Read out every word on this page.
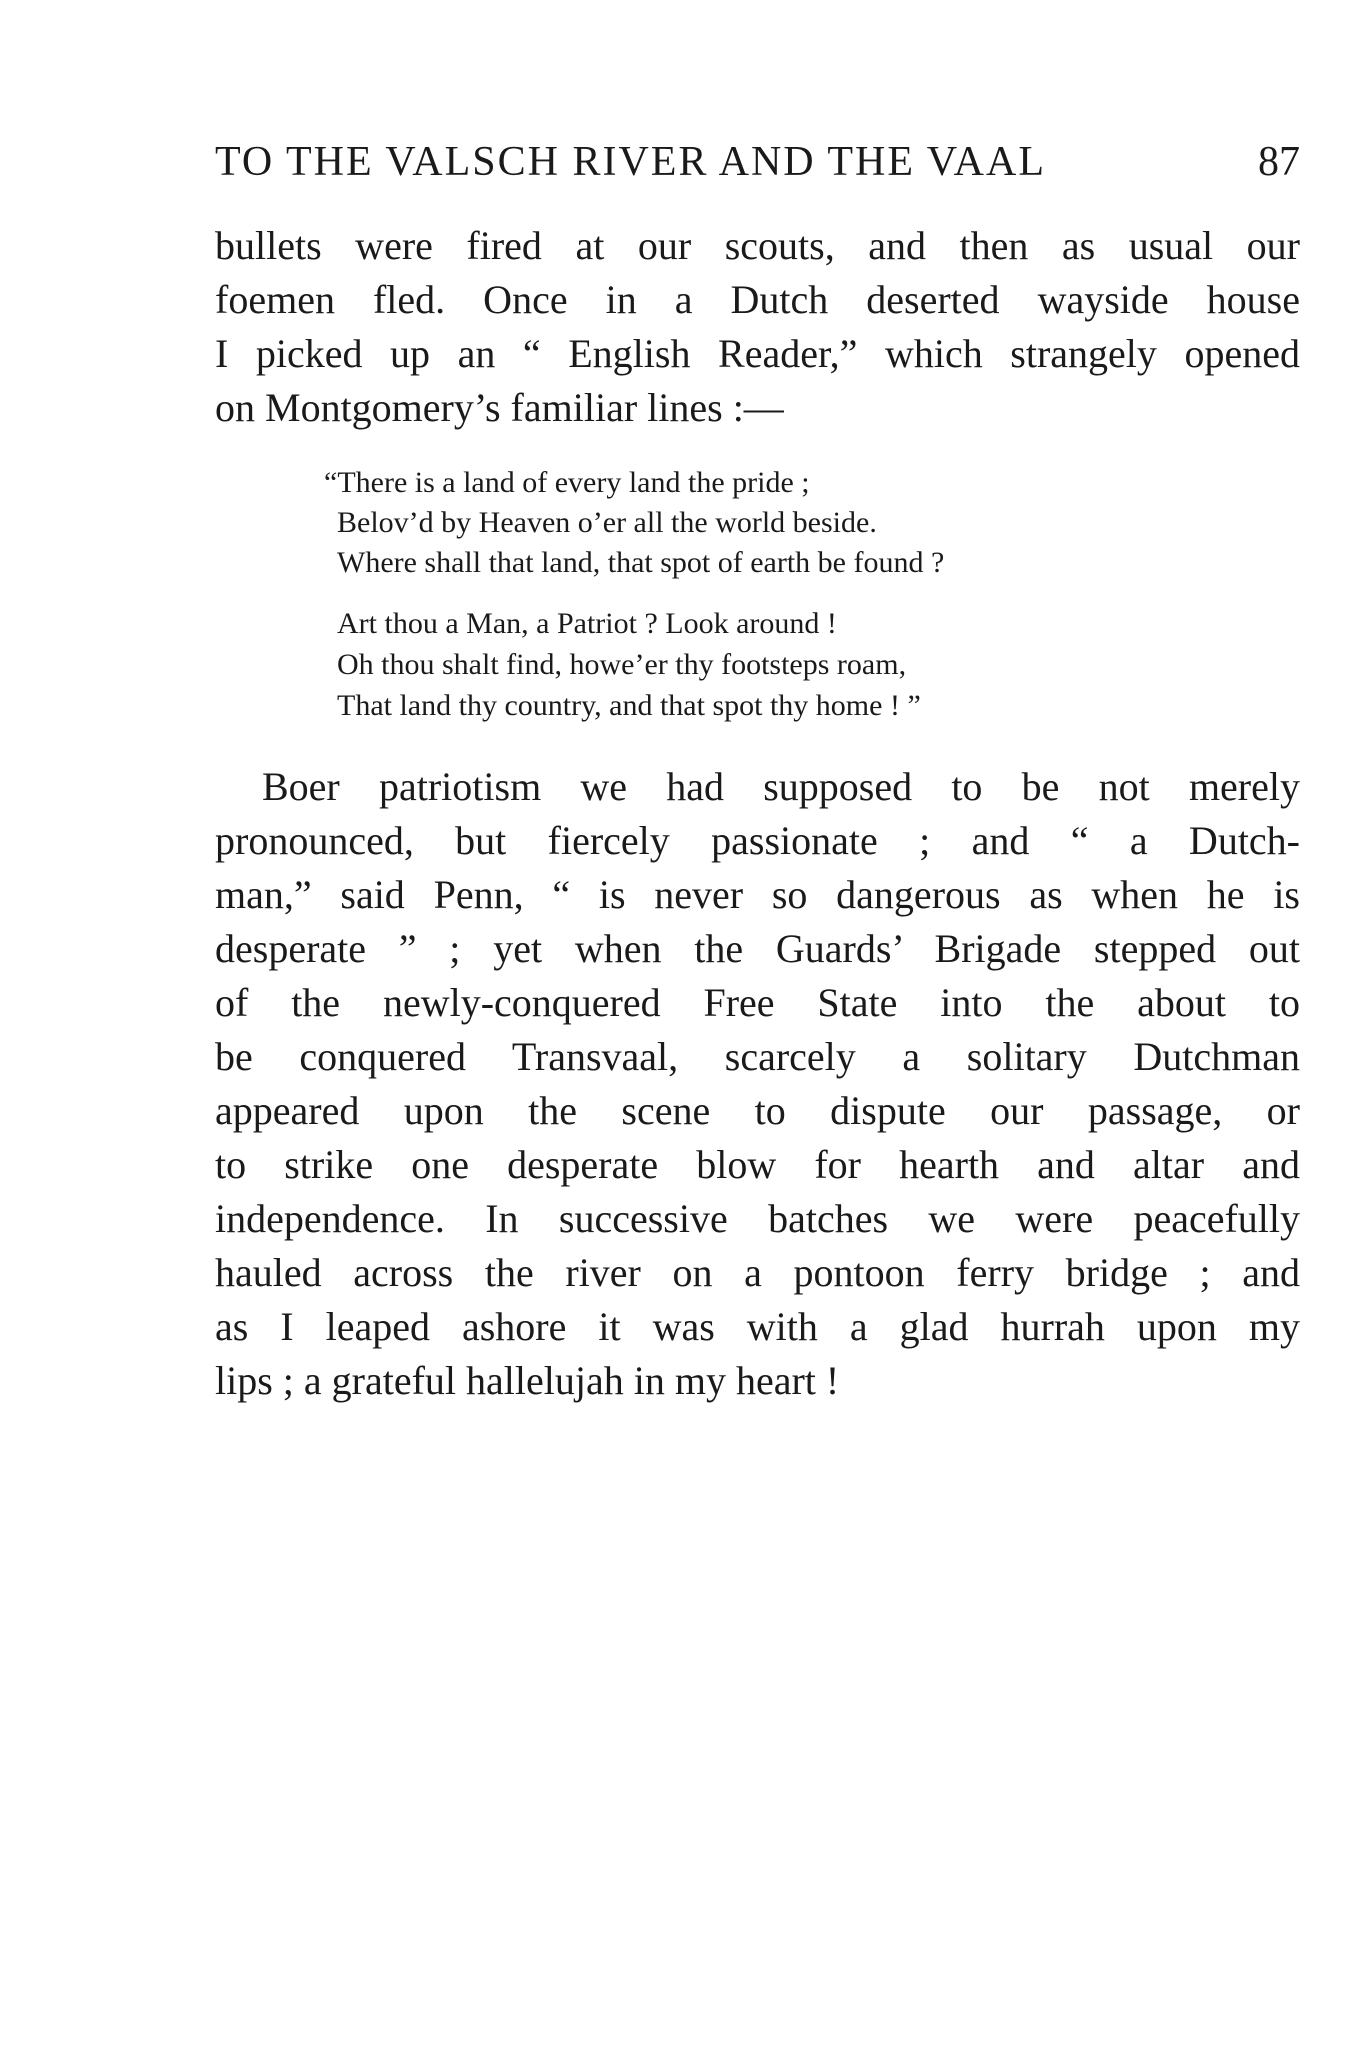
TO THE VALSCH RIVER AND THE VAAL	87
bullets were fired at our scouts, and then as usual our
foemen fled. Once in a Dutch deserted wayside house
I picked up an “ English Reader,” which strangely opened
on Montgomery’s familiar lines :—
“There is a land of every land the pride ;
Belov’d by Heaven o’er all the world beside.
Where shall that land, that spot of earth be found ?
Art thou a Man, a Patriot ? Look around !
Oh thou shalt find, howe’er thy footsteps roam,
That land thy country, and that spot thy home ! ”
Boer patriotism we had supposed to be not merely
pronounced, but fiercely passionate ; and “ a Dutch-
man,” said Penn, “ is never so dangerous as when he is
desperate ” ; yet when the Guards’ Brigade stepped out
of the newly-conquered Free State into the about to
be conquered Transvaal, scarcely a solitary Dutchman
appeared upon the scene to dispute our passage, or
to strike one desperate blow for hearth and altar and
independence. In successive batches we were peacefully
hauled across the river on a pontoon ferry bridge ; and
as I leaped ashore it was with a glad hurrah upon my
lips ; a grateful hallelujah in my heart !
